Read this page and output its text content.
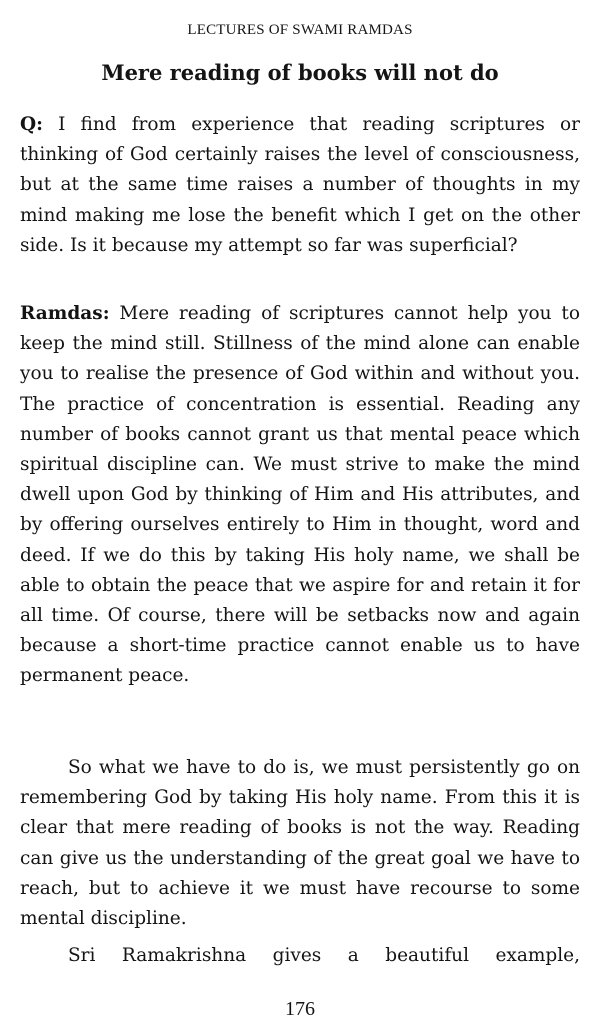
LECTURES OF SWAMI RAMDAS
Mere reading of books will not do

Q: I find from experience that reading scriptures or thinking of God certainly raises the level of consciousness, but at the same time raises a number of thoughts in my mind making me lose the benefit which I get on the other side. Is it because my attempt so far was superficial?

Ramdas: Mere reading of scriptures cannot help you to keep the mind still. Stillness of the mind alone can enable you to realise the presence of God within and without you. The practice of concentration is essential. Reading any number of books cannot grant us that mental peace which spiritual discipline can. We must strive to make the mind dwell upon God by thinking of Him and His attributes, and by offering ourselves entirely to Him in thought, word and deed. If we do this by taking His holy name, we shall be able to obtain the peace that we aspire for and retain it for all time. Of course, there will be setbacks now and again because a short-time practice cannot enable us to have permanent peace.

So what we have to do is, we must persistently go on remembering God by taking His holy name. From this it is clear that mere reading of books is not the way. Reading can give us the understanding of the great goal we have to reach, but to achieve it we must have recourse to some mental discipline.

Sri Ramakrishna gives a beautiful example,

176
